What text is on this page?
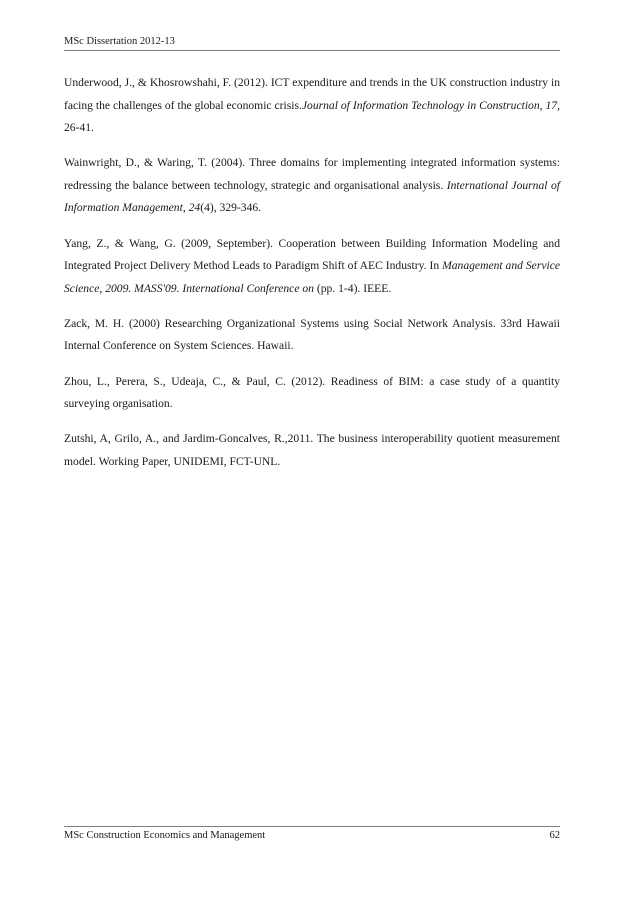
MSc Dissertation 2012-13

Underwood, J., & Khosrowshahi, F. (2012). ICT expenditure and trends in the UK construction industry in facing the challenges of the global economic crisis.Journal of Information Technology in Construction, 17, 26-41.

Wainwright, D., & Waring, T. (2004). Three domains for implementing integrated information systems: redressing the balance between technology, strategic and organisational analysis. International Journal of Information Management, 24(4), 329-346.

Yang, Z., & Wang, G. (2009, September). Cooperation between Building Information Modeling and Integrated Project Delivery Method Leads to Paradigm Shift of AEC Industry. In Management and Service Science, 2009. MASS'09. International Conference on (pp. 1-4). IEEE.

Zack, M. H. (2000) Researching Organizational Systems using Social Network Analysis. 33rd Hawaii Internal Conference on System Sciences. Hawaii.

Zhou, L., Perera, S., Udeaja, C., & Paul, C. (2012). Readiness of BIM: a case study of a quantity surveying organisation.

Zutshi, A, Grilo, A., and Jardim-Goncalves, R.,2011. The business interoperability quotient measurement model. Working Paper, UNIDEMI, FCT-UNL.

MSc Construction Economics and Management	62
